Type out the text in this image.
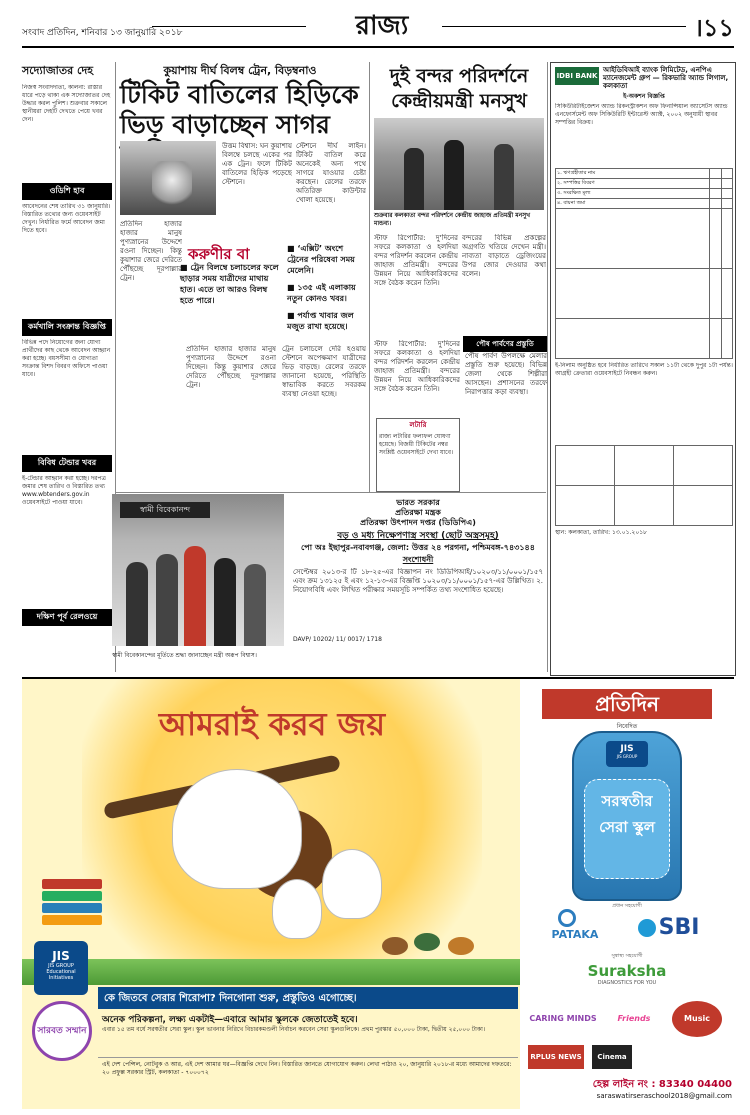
সংবাদ প্রতিদিন, শনিবার ১৩ জানুয়ারি ২০১৮	রাজ্য	।১১
সদ্যোজাতর দেহ
নিজস্ব সংবাদদাতা, কালনা: রাস্তার ধারে পড়ে থাকা এক সদ্যোজাতর দেহ উদ্ধার করল পুলিশ। শুক্রবার সকালে স্থানীয়রা দেহটি দেখতে পেয়ে খবর দেন।
ওডিশি হাব
আবেদনের শেষ তারিখ ৩১ জানুয়ারি। বিস্তারিত তথ্যের জন্য ওয়েবসাইট দেখুন। নির্ধারিত ফর্মে আবেদন জমা দিতে হবে।
কর্মখালি সংক্রান্ত বিজ্ঞপ্তি
বিভিন্ন পদে নিয়োগের জন্য যোগ্য প্রার্থীদের কাছ থেকে আবেদন আহ্বান করা হচ্ছে। বয়সসীমা ও যোগ্যতা সংক্রান্ত বিশদ বিবরণ অফিসে পাওয়া যাবে।
বিবিধ টেন্ডার খবর
ই-টেন্ডার আহ্বান করা হচ্ছে। দরপত্র জমার শেষ তারিখ ও বিস্তারিত তথ্য www.wbtenders.gov.in ওয়েবসাইটে পাওয়া যাবে।
দক্ষিণ পূর্ব রেলওয়ে
কুয়াশায় দীর্ঘ বিলম্ব ট্রেন, বিড়ম্বনাও
টিকিট বাতিলের হিড়িকে ভিড় বাড়াচ্ছেন সাগর
উত্তম বিশ্বাস: ঘন কুয়াশায় বিলম্বে চলছে একের পর এক ট্রেন। ফলে টিকিট বাতিলের হিড়িক পড়েছে স্টেশনে।
স্টেশনে দীর্ঘ লাইন। টিকিট বাতিল করে অনেকেই অন্য পথে সাগরে যাওয়ার চেষ্টা করছেন। রেলের তরফে অতিরিক্ত কাউন্টার খোলা হয়েছে।
প্রতিদিন হাজার হাজার মানুষ পুণ্যস্নানের উদ্দেশে রওনা দিচ্ছেন। কিন্তু কুয়াশার জেরে দেরিতে পৌঁছচ্ছে দূরপাল্লার ট্রেন।
করুণীর বা
■ ট্রেন বিলম্বে চলাচলের ফলে ছাড়ার সময় যাত্রীদের মাথায় হাত। এতে তা আরও বিলম্ব হতে পারে।
■ ‘এক্সিট’ অংশে ট্রেনের পরিষেবা সময় মেলেনি।
■ ১৩৫ এই এলাকায় নতুন কোনও খবর।
■ পর্যাপ্ত খাবার জল মজুত রাখা হয়েছে।
প্রতিদিন হাজার হাজার মানুষ পুণ্যস্নানের উদ্দেশে রওনা দিচ্ছেন। কিন্তু কুয়াশার জেরে দেরিতে পৌঁছচ্ছে দূরপাল্লার ট্রেন।
ট্রেন চলাচলে দেরি হওয়ায় স্টেশনে অপেক্ষমাণ যাত্রীদের ভিড় বাড়ছে। রেলের তরফে জানানো হয়েছে, পরিস্থিতি স্বাভাবিক করতে সবরকম ব্যবস্থা নেওয়া হচ্ছে।
দুই বন্দর পরিদর্শনে কেন্দ্রীয়মন্ত্রী মনসুখ
শুক্রবার কলকাতা বন্দর পরিদর্শনে কেন্দ্রীয় জাহাজ প্রতিমন্ত্রী মনসুখ মান্ডব্য।
স্টাফ রিপোর্টার: দু'দিনের সফরে কলকাতা ও হলদিয়া বন্দর পরিদর্শন করলেন কেন্দ্রীয় জাহাজ প্রতিমন্ত্রী। বন্দরের উন্নয়ন নিয়ে আধিকারিকদের সঙ্গে বৈঠক করেন তিনি।
বন্দরের বিভিন্ন প্রকল্পের অগ্রগতি খতিয়ে দেখেন মন্ত্রী। নাব্যতা বাড়াতে ড্রেজিংয়ের উপর জোর দেওয়ার কথা বলেন।
স্টাফ রিপোর্টার: দু'দিনের সফরে কলকাতা ও হলদিয়া বন্দর পরিদর্শন করলেন কেন্দ্রীয় জাহাজ প্রতিমন্ত্রী। বন্দরের উন্নয়ন নিয়ে আধিকারিকদের সঙ্গে বৈঠক করেন তিনি।
পৌষ পার্বণের প্রস্তুতি
পৌষ পার্বণ উপলক্ষে মেলার প্রস্তুতি শুরু হয়েছে। বিভিন্ন জেলা থেকে শিল্পীরা আসছেন। প্রশাসনের তরফে নিরাপত্তার কড়া ব্যবস্থা।
লটারি
রাজ্য লটারির ফলাফল ঘোষণা হয়েছে। বিজয়ী টিকিটের নম্বর সংশ্লিষ্ট ওয়েবসাইটে দেখা যাবে।
স্বামী বিবেকানন্দ
স্বামী বিবেকানন্দের মূর্তিতে শ্রদ্ধা জানাচ্ছেন মন্ত্রী অরূপ বিশ্বাস।
ভারত সরকার
প্রতিরক্ষা মন্ত্রক
প্রতিরক্ষা উৎপাদন দপ্তর (ডিডিপিএ)
বড় ও মধ্য নিক্ষেপণাস্ত্র সংস্থা (ছোট অস্ত্রসমূহ)
পো অঃ ইছাপুর-নবাবগঞ্জ, জেলা: উত্তর ২৪ পরগনা, পশ্চিমবঙ্গ-৭৪৩১৪৪
সংশোধনী
সেপ্টেম্বর ২০১৩-র টি ১৮-২৫-এর বিজ্ঞাপন নং ডিডিপিআই/১০২০৩/১১/০০০১/১৫৭ এবং ক্রম ১৩১২৫ ই এবং ১২-১৩-এর বিজ্ঞপ্তি ১০২০৩/১১/০০০১/১৫৭-এর উল্লিখিত। ২. নিয়োগবিধি এবং লিখিত পরীক্ষার সময়সূচি সম্পর্কিত তথ্য সংশোধিত হয়েছে।
DAVP/ 10202/ 11/ 0017/ 1718
IDBI BANK
আইডিবিআই ব্যাংক লিমিটেড, এনপিএ ম্যানেজমেন্ট গ্রুপ — রিকভারি অ্যান্ড লিগাল, কলকাতা
ই-অকশন বিজ্ঞপ্তি
সিকিউরিটাইজেশন অ্যান্ড রিকনস্ট্রাকশন অফ ফিনান্সিয়াল অ্যাসেটস অ্যান্ড এনফোর্সমেন্ট অফ সিকিউরিটি ইন্টারেস্ট অ্যাক্ট, ২০০২ অনুযায়ী স্থাবর সম্পত্তির বিক্রয়।
১. ঋণগ্রহীতার নাম		
২. সম্পত্তির বিবরণ		
৩. সংরক্ষিত মূল্য		
৪. বায়না জমা		

ই-নিলাম অনুষ্ঠিত হবে নির্ধারিত তারিখে সকাল ১১টা থেকে দুপুর ১টা পর্যন্ত। আগ্রহী ক্রেতারা ওয়েবসাইটে নিবন্ধন করুন।

স্থান: কলকাতা, তারিখ: ১৩.০১.২০১৮
আমরাই করব জয়
JIS
JIS GROUP Educational Initiatives
সারবত সম্মান
কে জিতবে সেরার শিরোপা? দিনগোনা শুরু, প্রস্তুতিও এগোচ্ছে।
অনেক পরিকল্পনা, লক্ষ্য একটাই—এবারে আমার স্কুলকে জেতাতেই হবে।
এবার ১৫ তম বর্ষে সরস্বতীর সেরা স্কুল। স্কুল ভাবনার নিরিখে বিচারকমণ্ডলী নির্বাচন করবেন সেরা স্কুলগুলিকে। প্রথম পুরস্কার ৫০,০০০ টাকা, দ্বিতীয় ২৫,০০০ টাকা।
এই দেশ পেন্সিল, নোটবুক ও আর, এই দেশ আমার ঘর—বিজ্ঞপ্তি দেখে নিন। বিস্তারিত জানতে যোগাযোগ করুন। লেখা পাঠাও ২০, জানুয়ারি ২০১৮-র মধ্যে আমাদের দফতরে: ২০ প্রফুল্ল সরকার স্ট্রিট, কলকাতা - ৭০০০৭২
প্রতিদিন
নিবেদিত
JIS
JIS GROUP
সরস্বতীর সেরা স্কুল
প্রধান সহযোগী
PATAKA	SBI
সুস্বাস্থ্য সহযোগী
Suraksha
DIAGNOSTICS FOR YOU
CARING MINDS	Friends	Music
RPLUS NEWS	Cinema
হেল্প লাইন নং : 83340 04400
saraswatirseraschool2018@gmail.com
